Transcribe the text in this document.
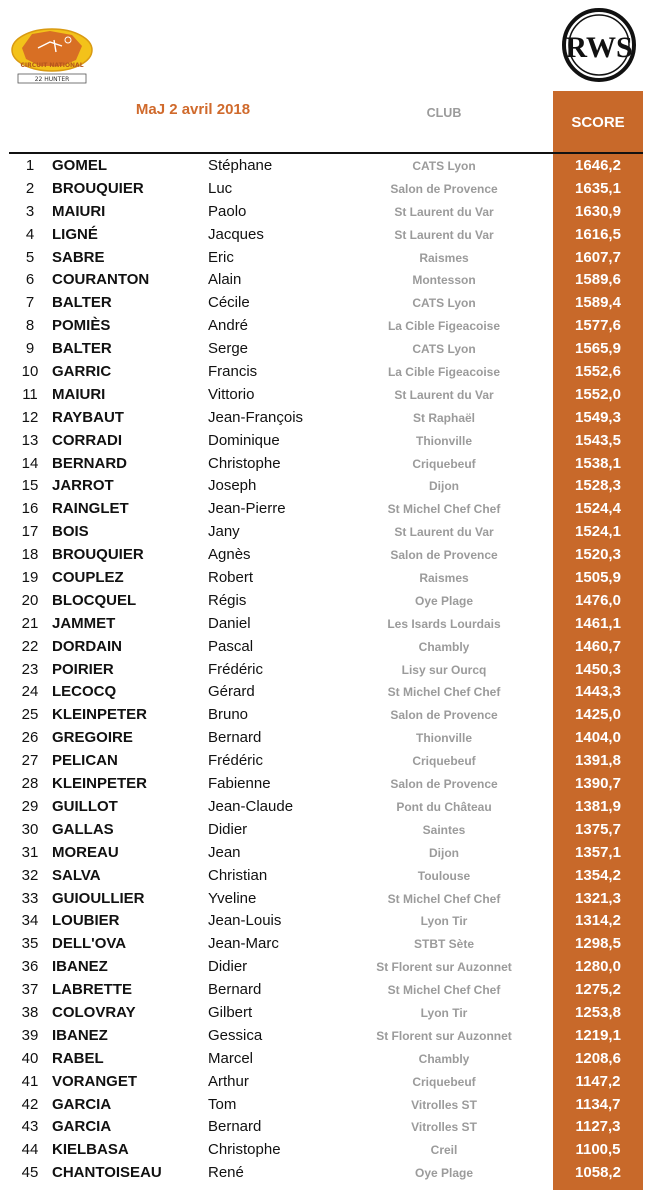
CIRCUIT NATIONAL
22 HUNTER
RWS
MaJ 2 avril 2018	CLUB
SCORE
1	GOMEL	Stéphane	CATS Lyon	1646,2
2	BROUQUIER	Luc	Salon de Provence	1635,1
3	MAIURI	Paolo	St Laurent du Var	1630,9
4	LIGNÉ	Jacques	St Laurent du Var	1616,5
5	SABRE	Eric	Raismes	1607,7
6	COURANTON	Alain	Montesson	1589,6
7	BALTER	Cécile	CATS Lyon	1589,4
8	POMIÈS	André	La Cible Figeacoise	1577,6
9	BALTER	Serge	CATS Lyon	1565,9
10 GARRIC	Francis	La Cible Figeacoise	1552,6
11 MAIURI	Vittorio	St Laurent du Var	1552,0
12 RAYBAUT	Jean-François	St Raphaël	1549,3
13 CORRADI	Dominique	Thionville	1543,5
14 BERNARD	Christophe	Criquebeuf	1538,1
15 JARROT	Joseph	Dijon	1528,3
16 RAINGLET	Jean-Pierre	St Michel Chef Chef	1524,4
17 BOIS	Jany	St Laurent du Var	1524,1
18 BROUQUIER	Agnès	Salon de Provence	1520,3
19 COUPLEZ	Robert	Raismes	1505,9
20 BLOCQUEL	Régis	Oye Plage	1476,0
21 JAMMET	Daniel	Les Isards Lourdais	1461,1
22 DORDAIN	Pascal	Chambly	1460,7
23 POIRIER	Frédéric	Lisy sur Ourcq	1450,3
24 LECOCQ	Gérard	St Michel Chef Chef	1443,3
25 KLEINPETER	Bruno	Salon de Provence	1425,0
26 GREGOIRE	Bernard	Thionville	1404,0
27 PELICAN	Frédéric	Criquebeuf	1391,8
28 KLEINPETER	Fabienne	Salon de Provence	1390,7
29 GUILLOT	Jean-Claude	Pont du Château	1381,9
30 GALLAS	Didier	Saintes	1375,7
31 MOREAU	Jean	Dijon	1357,1
32 SALVA	Christian	Toulouse	1354,2
33 GUIOULLIER	Yveline	St Michel Chef Chef	1321,3
34 LOUBIER	Jean-Louis	Lyon Tir	1314,2
35 DELL'OVA	Jean-Marc	STBT Sète	1298,5
36 IBANEZ	Didier	St Florent sur Auzonnet	1280,0
37 LABRETTE	Bernard	St Michel Chef Chef	1275,2
38 COLOVRAY	Gilbert	Lyon Tir	1253,8
39 IBANEZ	Gessica	St Florent sur Auzonnet	1219,1
40 RABEL	Marcel	Chambly	1208,6
41 VORANGET	Arthur	Criquebeuf	1147,2
42 GARCIA	Tom	Vitrolles ST	1134,7
43 GARCIA	Bernard	Vitrolles ST	1127,3
44 KIELBASA	Christophe	Creil	1100,5
45 CHANTOISEAU	René	Oye Plage	1058,2
